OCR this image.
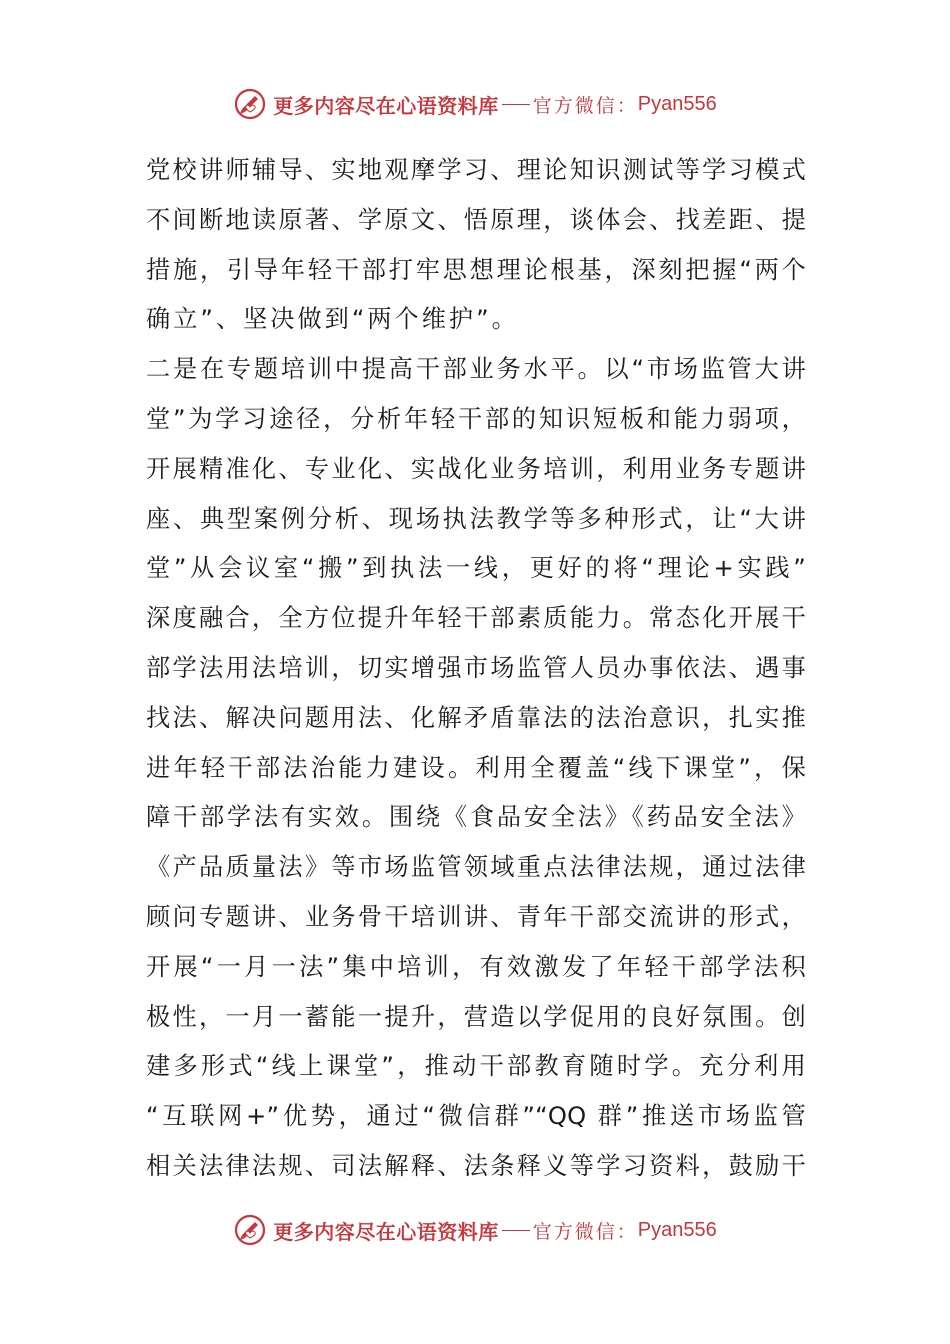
更多内容尽在心语资料库 官方微信： Pyan556
党校讲师辅导、实地观摩学习、理论知识测试等学习模式
不间断地读原著、学原文、悟原理，谈体会、找差距、提
措施，引导年轻干部打牢思想理论根基，深刻把握“两个
确立”、坚决做到“两个维护”。
二是在专题培训中提高干部业务水平。以“市场监管大讲
堂”为学习途径，分析年轻干部的知识短板和能力弱项，
开展精准化、专业化、实战化业务培训，利用业务专题讲
座、典型案例分析、现场执法教学等多种形式，让“大讲
堂”从会议室“搬”到执法一线，更好的将“理论+实践”
深度融合，全方位提升年轻干部素质能力。常态化开展干
部学法用法培训，切实增强市场监管人员办事依法、遇事
找法、解决问题用法、化解矛盾靠法的法治意识，扎实推
进年轻干部法治能力建设。利用全覆盖“线下课堂”，保
障干部学法有实效。围绕《食品安全法》《药品安全法》
《产品质量法》等市场监管领域重点法律法规，通过法律
顾问专题讲、业务骨干培训讲、青年干部交流讲的形式，
开展“一月一法”集中培训，有效激发了年轻干部学法积
极性，一月一蓄能一提升，营造以学促用的良好氛围。创
建多形式“线上课堂”，推动干部教育随时学。充分利用
“互联网+”优势，通过“微信群”“QQ 群”推送市场监管
相关法律法规、司法解释、法条释义等学习资料，鼓励干
更多内容尽在心语资料库 官方微信： Pyan556
